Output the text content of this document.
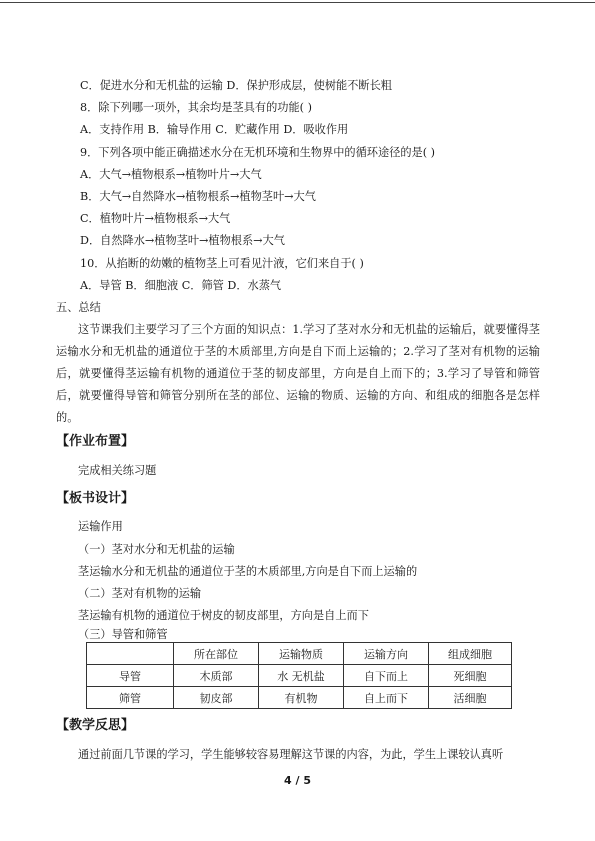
C．促进水分和无机盐的运输 D．保护形成层，使树能不断长粗
8．除下列哪一项外，其余均是茎具有的功能( )
A．支持作用 B．输导作用 C．贮藏作用 D．吸收作用
9．下列各项中能正确描述水分在无机环境和生物界中的循环途径的是( )
A．大气→植物根系→植物叶片→大气
B．大气→自然降水→植物根系→植物茎叶→大气
C．植物叶片→植物根系→大气
D．自然降水→植物茎叶→植物根系→大气
10．从掐断的幼嫩的植物茎上可看见汁液，它们来自于( )
A．导管 B．细胞液 C．筛管 D．水蒸气
五、总结
这节课我们主要学习了三个方面的知识点：1.学习了茎对水分和无机盐的运输后，就要懂得茎运输水分和无机盐的通道位于茎的木质部里,方向是自下而上运输的；2.学习了茎对有机物的运输后，就要懂得茎运输有机物的通道位于茎的韧皮部里，方向是自上而下的；3.学习了导管和筛管后，就要懂得导管和筛管分别所在茎的部位、运输的物质、运输的方向、和组成的细胞各是怎样的。
【作业布置】
完成相关练习题
【板书设计】
运输作用
（一）茎对水分和无机盐的运输
茎运输水分和无机盐的通道位于茎的木质部里,方向是自下而上运输的
（二）茎对有机物的运输
茎运输有机物的通道位于树皮的韧皮部里，方向是自上而下
（三）导管和筛管
	所在部位	运输物质	运输方向	组成细胞
导管	木质部	水 无机盐	自下而上	死细胞
筛管	韧皮部	有机物	自上而下	活细胞
【教学反思】
通过前面几节课的学习，学生能够较容易理解这节课的内容，为此，学生上课较认真听
4 / 5
